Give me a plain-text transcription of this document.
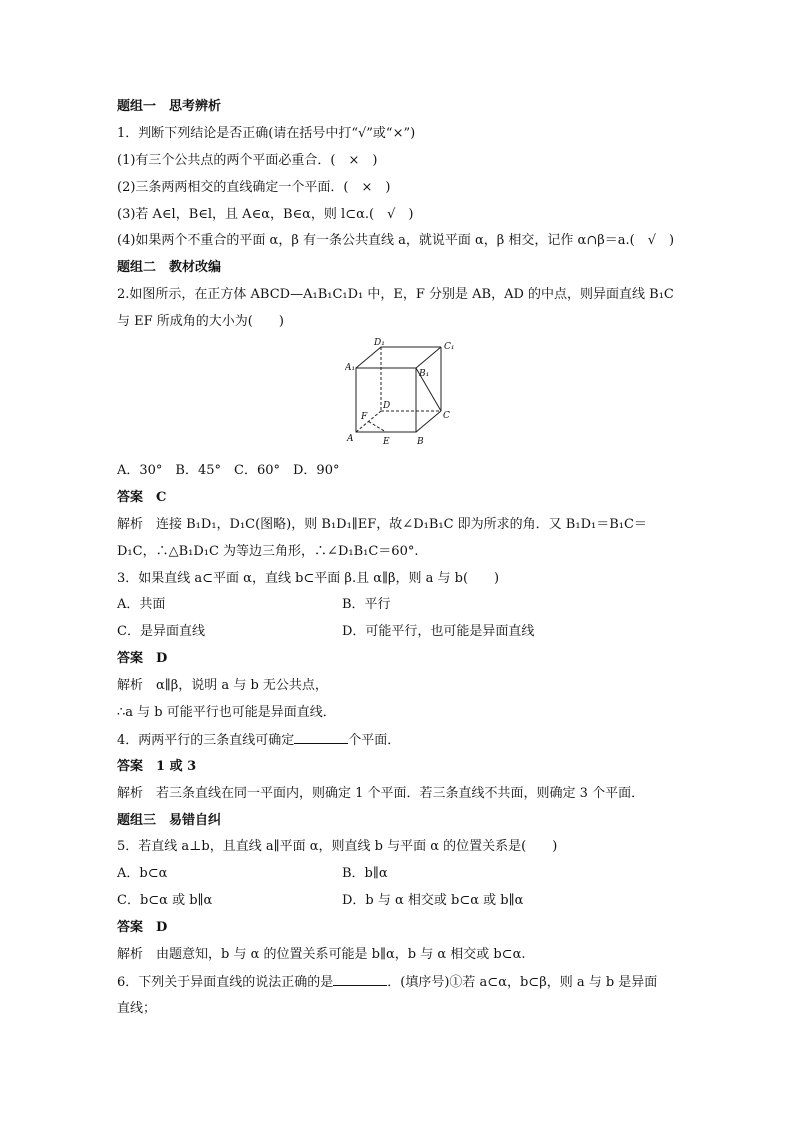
题组一　思考辨析
1．判断下列结论是否正确(请在括号中打“√”或“×”)
(1)有三个公共点的两个平面必重合．(　×　)
(2)三条两两相交的直线确定一个平面．(　×　)
(3)若 A∈l，B∈l，且 A∈α，B∈α，则 l⊂α.(　√　)
(4)如果两个不重合的平面 α，β 有一条公共直线 a，就说平面 α，β 相交，记作 α∩β＝a.(　√　)
题组二　教材改编
2.如图所示，在正方体 ABCD—A₁B₁C₁D₁ 中，E，F 分别是 AB，AD 的中点，则异面直线 B₁C
与 EF 所成角的大小为(　　)
D₁	C₁
A₁
B₁
D
C
F
A	E	B
A．30°　B．45°　C．60°　D．90°
答案　C
解析　连接 B₁D₁，D₁C(图略)，则 B₁D₁∥EF，故∠D₁B₁C 即为所求的角．又 B₁D₁＝B₁C＝
D₁C，∴△B₁D₁C 为等边三角形，∴∠D₁B₁C＝60°.
3．如果直线 a⊂平面 α，直线 b⊂平面 β.且 α∥β，则 a 与 b(　　)
A．共面	B．平行
C．是异面直线	D．可能平行，也可能是异面直线
答案　D
解析　α∥β，说明 a 与 b 无公共点，
∴a 与 b 可能平行也可能是异面直线．
4．两两平行的三条直线可确定	个平面．
答案　1 或 3
解析　若三条直线在同一平面内，则确定 1 个平面．若三条直线不共面，则确定 3 个平面．
题组三　易错自纠
5．若直线 a⊥b，且直线 a∥平面 α，则直线 b 与平面 α 的位置关系是(　　)
A．b⊂α	B．b∥α
C．b⊂α 或 b∥α	D．b 与 α 相交或 b⊂α 或 b∥α
答案　D
解析　由题意知，b 与 α 的位置关系可能是 b∥α，b 与 α 相交或 b⊂α.
6．下列关于异面直线的说法正确的是	．(填序号)①若 a⊂α，b⊂β，则 a 与 b 是异面
直线；
